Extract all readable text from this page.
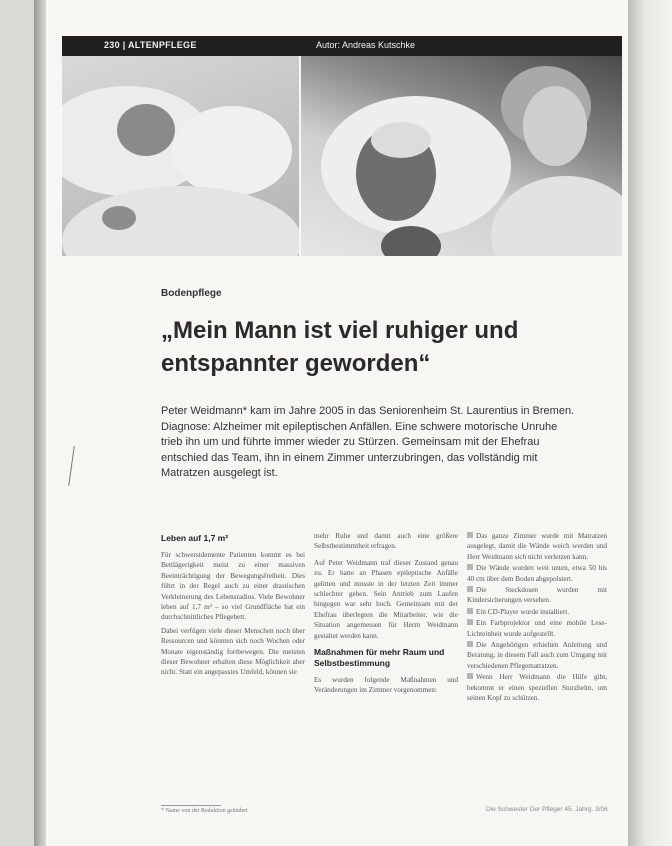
230 | ALTENPFLEGE	Autor: Andreas Kutschke
Bodenpflege
„Mein Mann ist viel ruhiger und entspannter geworden“

Peter Weidmann* kam im Jahre 2005 in das Seniorenheim St. Laurentius in Bremen. Diagnose: Alzheimer mit epileptischen Anfällen. Eine schwere motorische Unruhe trieb ihn um und führte immer wieder zu Stürzen. Gemeinsam mit der Ehefrau entschied das Team, ihn in einem Zimmer unterzubringen, das vollständig mit Matratzen ausgelegt ist.

Leben auf 1,7 m²

Für schwerstdemente Patienten kommt es bei Bettlägerigkeit meist zu einer massiven Beeinträchtigung der Bewegungsfreiheit. Dies führt in der Regel auch zu einer drastischen Verkleinerung des Lebensradius. Viele Bewohner leben auf 1,7 m² – so viel Grundfläche hat ein durchschnittliches Pflegebett.

Dabei verfügen viele dieser Menschen noch über Ressourcen und könnten sich noch Wochen oder Monate eigenständig fortbewegen. Die meisten dieser Bewohner erhalten diese Möglichkeit aber nicht. Statt ein angepasstes Umfeld, können sie

mehr Ruhe und damit auch eine größere Selbstbestimmtheit erfragen.

Auf Peter Weidmann traf dieser Zustand genau zu. Er hatte an Phasen epileptische Anfälle gelitten und musste in der letzten Zeit immer schlechter gehen. Sein Antrieb zum Laufen hingegen war sehr hoch. Gemeinsam mit der Ehefrau überlegten die Mitarbeiter, wie die Situation angemessen für Herrn Weidmann gestaltet werden kann.

Maßnahmen für mehr Raum und Selbstbestimmung

Es wurden folgende Maßnahmen und Veränderungen im Zimmer vorgenommen:

Das ganze Zimmer wurde mit Matratzen ausgelegt, damit die Wände weich werden und Herr Weidmann sich nicht verletzen kann.

Die Wände wurden weit unten, etwa 50 bis 40 cm über dem Boden abgepolstert.

Die Steckdosen wurden mit Kindersicherungen versehen.

Ein CD-Player wurde installiert.

Ein Farbprojektor und eine mobile Lese-Lichteinheit wurde aufgestellt.

Die Angehörigen erhielten Anleitung und Beratung, in diesem Fall auch zum Umgang mit verschiedenen Pflegematratzen.

Wenn Herr Weidmann die Hilfe gibt, bekommt er einen speziellen Sturzhelm, um seinen Kopf zu schützen.

* Name von der Redaktion geändert	Die Schwester Der Pfleger 45. Jahrg. 3/06
